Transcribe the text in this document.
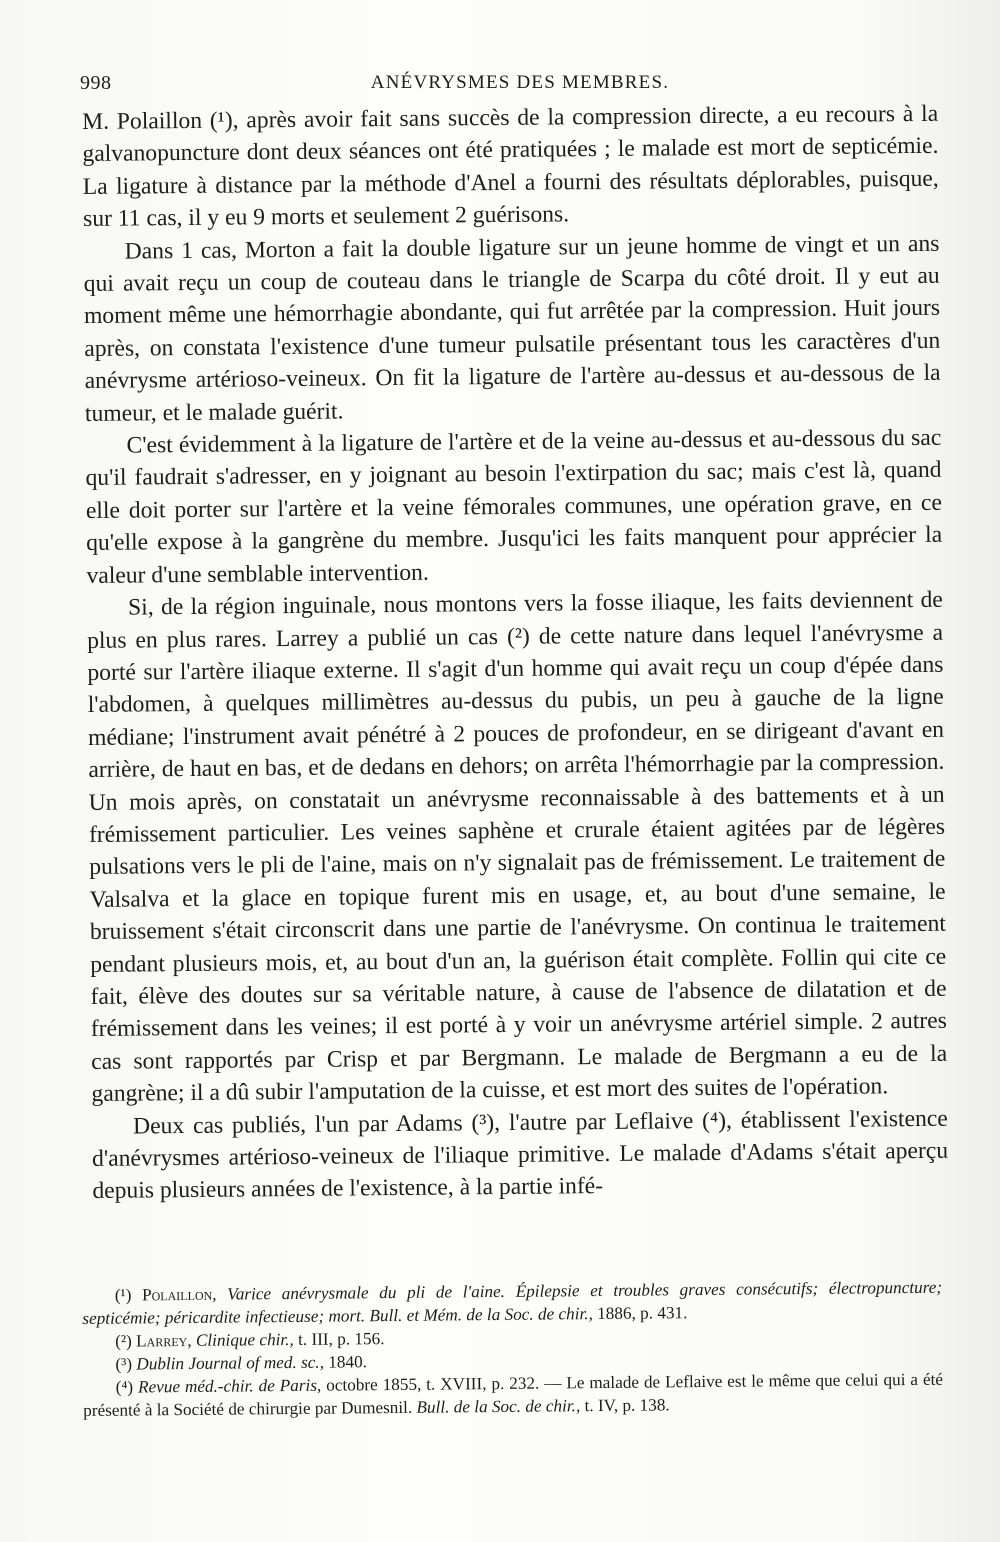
998	ANÉVRYSMES DES MEMBRES.

M. Polaillon (¹), après avoir fait sans succès de la compression directe, a eu recours à la galvanopuncture dont deux séances ont été pratiquées ; le malade est mort de septicémie. La ligature à distance par la méthode d'Anel a fourni des résultats déplorables, puisque, sur 11 cas, il y eu 9 morts et seulement 2 guérisons.

Dans 1 cas, Morton a fait la double ligature sur un jeune homme de vingt et un ans qui avait reçu un coup de couteau dans le triangle de Scarpa du côté droit. Il y eut au moment même une hémorrhagie abondante, qui fut arrêtée par la compression. Huit jours après, on constata l'existence d'une tumeur pulsatile présentant tous les caractères d'un anévrysme artérioso-veineux. On fit la ligature de l'artère au-dessus et au-dessous de la tumeur, et le malade guérit.

C'est évidemment à la ligature de l'artère et de la veine au-dessus et au-dessous du sac qu'il faudrait s'adresser, en y joignant au besoin l'extirpation du sac; mais c'est là, quand elle doit porter sur l'artère et la veine fémorales communes, une opération grave, en ce qu'elle expose à la gangrène du membre. Jusqu'ici les faits manquent pour apprécier la valeur d'une semblable intervention.

Si, de la région inguinale, nous montons vers la fosse iliaque, les faits deviennent de plus en plus rares. Larrey a publié un cas (²) de cette nature dans lequel l'anévrysme a porté sur l'artère iliaque externe. Il s'agit d'un homme qui avait reçu un coup d'épée dans l'abdomen, à quelques millimètres au-dessus du pubis, un peu à gauche de la ligne médiane; l'instrument avait pénétré à 2 pouces de profondeur, en se dirigeant d'avant en arrière, de haut en bas, et de dedans en dehors; on arrêta l'hémorrhagie par la compression. Un mois après, on constatait un anévrysme reconnaissable à des battements et à un frémissement particulier. Les veines saphène et crurale étaient agitées par de légères pulsations vers le pli de l'aine, mais on n'y signalait pas de frémissement. Le traitement de Valsalva et la glace en topique furent mis en usage, et, au bout d'une semaine, le bruissement s'était circonscrit dans une partie de l'anévrysme. On continua le traitement pendant plusieurs mois, et, au bout d'un an, la guérison était complète. Follin qui cite ce fait, élève des doutes sur sa véritable nature, à cause de l'absence de dilatation et de frémissement dans les veines; il est porté à y voir un anévrysme artériel simple. 2 autres cas sont rapportés par Crisp et par Bergmann. Le malade de Bergmann a eu de la gangrène; il a dû subir l'amputation de la cuisse, et est mort des suites de l'opération.

Deux cas publiés, l'un par Adams (³), l'autre par Leflaive (⁴), établissent l'existence d'anévrysmes artérioso-veineux de l'iliaque primitive. Le malade d'Adams s'était aperçu depuis plusieurs années de l'existence, à la partie infé-

(¹) Polaillon, Varice anévrysmale du pli de l'aine. Épilepsie et troubles graves consécutifs; électropuncture; septicémie; péricardite infectieuse; mort. Bull. et Mém. de la Soc. de chir., 1886, p. 431.

(²) Larrey, Clinique chir., t. III, p. 156.

(³) Dublin Journal of med. sc., 1840.

(⁴) Revue méd.-chir. de Paris, octobre 1855, t. XVIII, p. 232. — Le malade de Leflaive est le même que celui qui a été présenté à la Société de chirurgie par Dumesnil. Bull. de la Soc. de chir., t. IV, p. 138.
